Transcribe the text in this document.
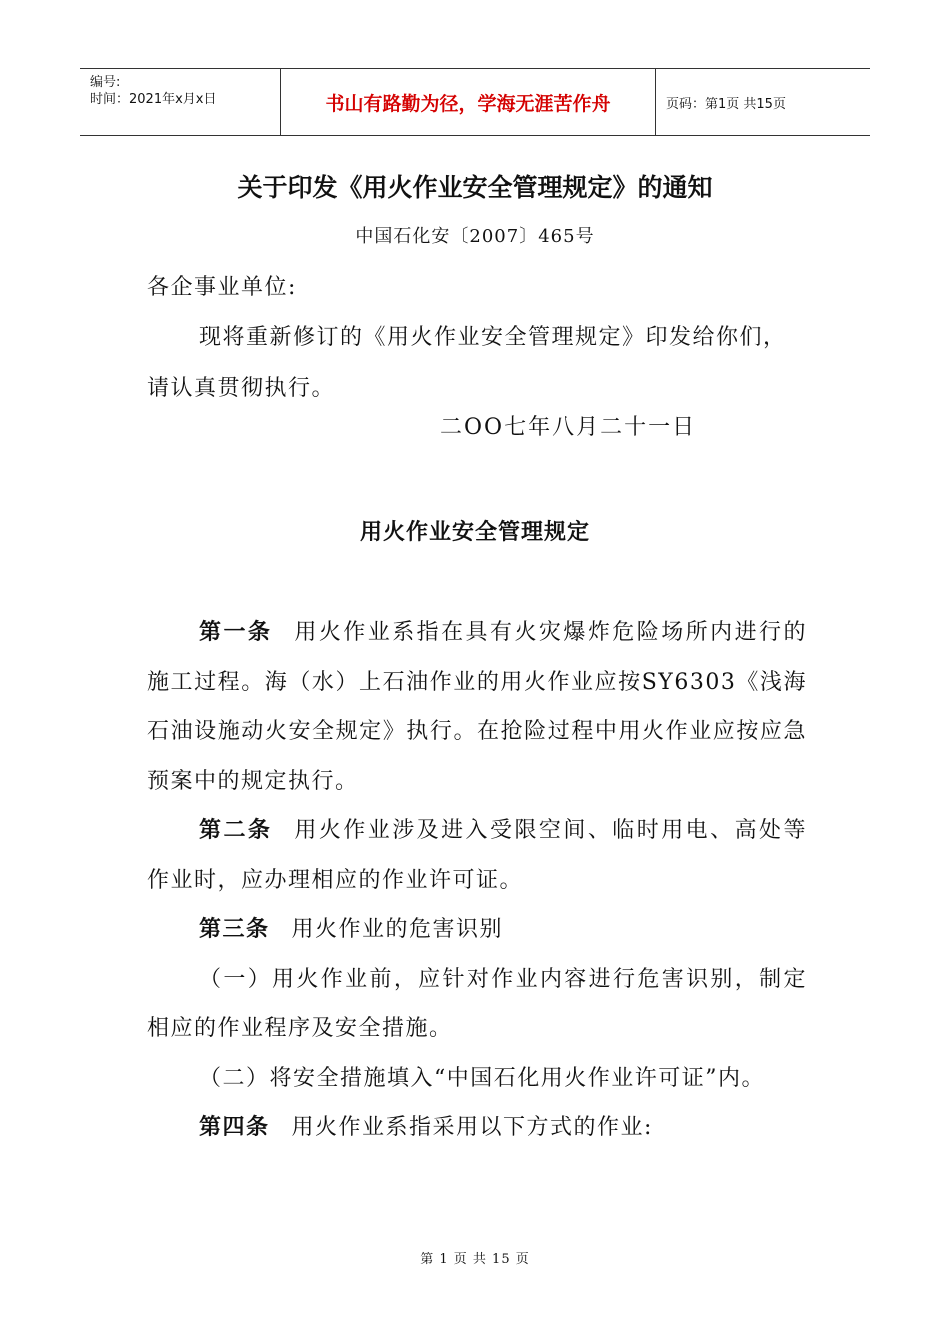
编号:
时间：2021年x月x日	书山有路勤为径，学海无涯苦作舟	页码：第1页 共15页
关于印发《用火作业安全管理规定》的通知
中国石化安〔2007〕465号
各企事业单位:
现将重新修订的《用火作业安全管理规定》印发给你们，请认真贯彻执行。
二OO七年八月二十一日
用火作业安全管理规定

第一条 用火作业系指在具有火灾爆炸危险场所内进行的施工过程。海（水）上石油作业的用火作业应按SY6303《浅海石油设施动火安全规定》执行。在抢险过程中用火作业应按应急预案中的规定执行。

第二条 用火作业涉及进入受限空间、临时用电、高处等作业时，应办理相应的作业许可证。

第三条 用火作业的危害识别

（一）用火作业前，应针对作业内容进行危害识别，制定相应的作业程序及安全措施。

（二）将安全措施填入“中国石化用火作业许可证”内。

第四条 用火作业系指采用以下方式的作业:

第 1 页 共 15 页
